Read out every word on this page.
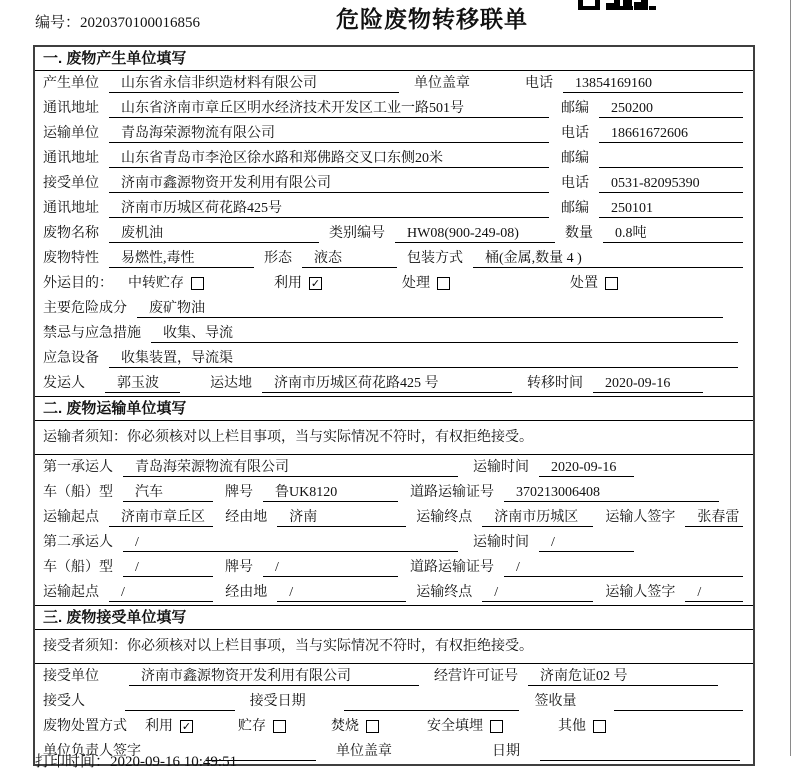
编号：2020370100016856	危险废物转移联单
一. 废物产生单位填写
产生单位	山东省永信非织造材料有限公司	单位盖章	电话	13854169160
通讯地址	山东省济南市章丘区明水经济技术开发区工业一路501号	邮编	250200
运输单位	青岛海荣源物流有限公司	电话	18661672606
通讯地址	山东省青岛市李沧区徐水路和郑佛路交叉口东侧20米	邮编
接受单位	济南市鑫源物资开发利用有限公司	电话	0531-82095390
通讯地址	济南市历城区荷花路425号	邮编	250101
废物名称	废机油	类别编号	HW08(900-249-08)	数量	0.8吨
废物特性	易燃性,毒性	形态	液态	包装方式	桶(金属,数量 4 )
外运目的： 中转贮存	利用 ✓	处理	处置
主要危险成分	废矿物油
禁忌与应急措施	收集、导流
应急设备	收集装置，导流渠
发运人	郭玉波	运达地	济南市历城区荷花路425 号	转移时间	2020-09-16
二. 废物运输单位填写
运输者须知：你必须核对以上栏目事项，当与实际情况不符时，有权拒绝接受。
第一承运人	青岛海荣源物流有限公司	运输时间	2020-09-16
车（船）型	汽车	牌号	鲁UK8120	道路运输证号	370213006408
运输起点	济南市章丘区	经由地	济南	运输终点	济南市历城区	运输人签字	张春雷
第二承运人	/	运输时间	/
车（船）型	/	牌号	/	道路运输证号	/
运输起点	/	经由地	/	运输终点	/	运输人签字	/
三. 废物接受单位填写
接受者须知：你必须核对以上栏目事项，当与实际情况不符时，有权拒绝接受。
接受单位	济南市鑫源物资开发利用有限公司	经营许可证号	济南危证02 号
接受人	接受日期	签收量
废物处置方式 利用 ✓	贮存	焚烧	安全填埋	其他
单位负责人签字	单位盖章	日期
打印时间：2020-09-16 10:49:51
